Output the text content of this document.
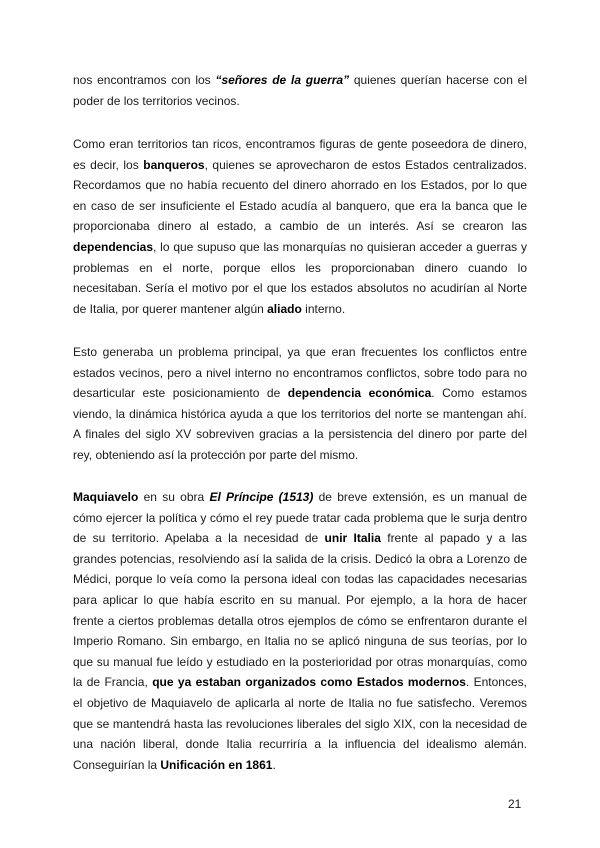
nos encontramos con los “señores de la guerra” quienes querían hacerse con el poder de los territorios vecinos.

Como eran territorios tan ricos, encontramos figuras de gente poseedora de dinero, es decir, los banqueros, quienes se aprovecharon de estos Estados centralizados. Recordamos que no había recuento del dinero ahorrado en los Estados, por lo que en caso de ser insuficiente el Estado acudía al banquero, que era la banca que le proporcionaba dinero al estado, a cambio de un interés. Así se crearon las dependencias, lo que supuso que las monarquías no quisieran acceder a guerras y problemas en el norte, porque ellos les proporcionaban dinero cuando lo necesitaban. Sería el motivo por el que los estados absolutos no acudirían al Norte de Italia, por querer mantener algún aliado interno.

Esto generaba un problema principal, ya que eran frecuentes los conflictos entre estados vecinos, pero a nivel interno no encontramos conflictos, sobre todo para no desarticular este posicionamiento de dependencia económica. Como estamos viendo, la dinámica histórica ayuda a que los territorios del norte se mantengan ahí. A finales del siglo XV sobreviven gracias a la persistencia del dinero por parte del rey, obteniendo así la protección por parte del mismo.

Maquiavelo en su obra El Príncipe (1513) de breve extensión, es un manual de cómo ejercer la política y cómo el rey puede tratar cada problema que le surja dentro de su territorio. Apelaba a la necesidad de unir Italia frente al papado y a las grandes potencias, resolviendo así la salida de la crisis. Dedicó la obra a Lorenzo de Médici, porque lo veía como la persona ideal con todas las capacidades necesarias para aplicar lo que había escrito en su manual. Por ejemplo, a la hora de hacer frente a ciertos problemas detalla otros ejemplos de cómo se enfrentaron durante el Imperio Romano. Sin embargo, en Italia no se aplicó ninguna de sus teorías, por lo que su manual fue leído y estudiado en la posterioridad por otras monarquías, como la de Francia, que ya estaban organizados como Estados modernos. Entonces, el objetivo de Maquiavelo de aplicarla al norte de Italia no fue satisfecho. Veremos que se mantendrá hasta las revoluciones liberales del siglo XIX, con la necesidad de una nación liberal, donde Italia recurriría a la influencia del idealismo alemán. Conseguirían la Unificación en 1861.

21
